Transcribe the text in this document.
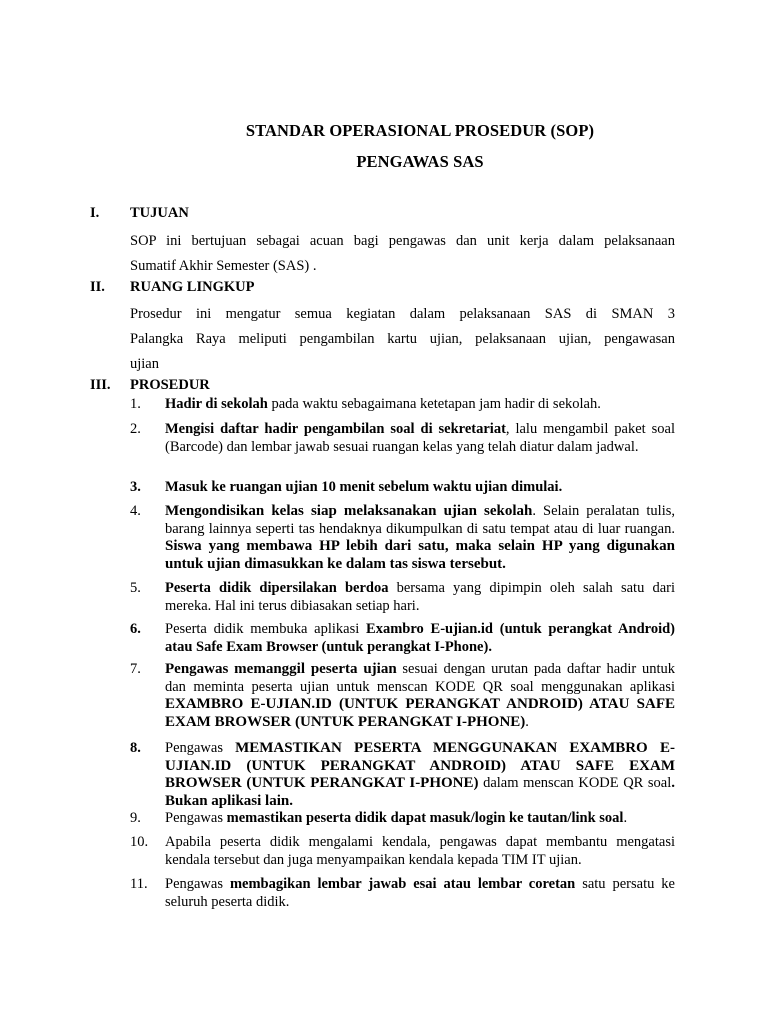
STANDAR OPERASIONAL PROSEDUR (SOP)
PENGAWAS SAS
I. TUJUAN
SOP ini bertujuan sebagai acuan bagi pengawas dan unit kerja dalam pelaksanaan
Sumatif Akhir Semester (SAS) .
II. RUANG LINGKUP
Prosedur ini mengatur semua kegiatan dalam pelaksanaan SAS di SMAN 3
Palangka Raya meliputi pengambilan kartu ujian, pelaksanaan ujian, pengawasan
ujian
III. PROSEDUR
1.	Hadir di sekolah pada waktu sebagaimana ketetapan jam hadir di sekolah.
2.	Mengisi daftar hadir pengambilan soal di sekretariat, lalu mengambil paket soal (Barcode) dan lembar jawab sesuai ruangan kelas yang telah diatur dalam jadwal.
3.	Masuk ke ruangan ujian 10 menit sebelum waktu ujian dimulai.
4.	Mengondisikan kelas siap melaksanakan ujian sekolah. Selain peralatan tulis, barang lainnya seperti tas hendaknya dikumpulkan di satu tempat atau di luar ruangan. Siswa yang membawa HP lebih dari satu, maka selain HP yang digunakan untuk ujian dimasukkan ke dalam tas siswa tersebut.
5.	Peserta didik dipersilakan berdoa bersama yang dipimpin oleh salah satu dari mereka. Hal ini terus dibiasakan setiap hari.
6.	Peserta didik membuka aplikasi Exambro E-ujian.id (untuk perangkat Android) atau Safe Exam Browser (untuk perangkat I-Phone).
7.	Pengawas memanggil peserta ujian sesuai dengan urutan pada daftar hadir untuk dan meminta peserta ujian untuk menscan KODE QR soal menggunakan aplikasi EXAMBRO E-UJIAN.ID (UNTUK PERANGKAT ANDROID) ATAU SAFE EXAM BROWSER (UNTUK PERANGKAT I-PHONE).
8.	Pengawas MEMASTIKAN PESERTA MENGGUNAKAN EXAMBRO E-UJIAN.ID (UNTUK PERANGKAT ANDROID) ATAU SAFE EXAM BROWSER (UNTUK PERANGKAT I-PHONE) dalam menscan KODE QR soal. Bukan aplikasi lain.
9.	Pengawas memastikan peserta didik dapat masuk/login ke tautan/link soal.
10.	Apabila peserta didik mengalami kendala, pengawas dapat membantu mengatasi kendala tersebut dan juga menyampaikan kendala kepada TIM IT ujian.
11.	Pengawas membagikan lembar jawab esai atau lembar coretan satu persatu ke seluruh peserta didik.
